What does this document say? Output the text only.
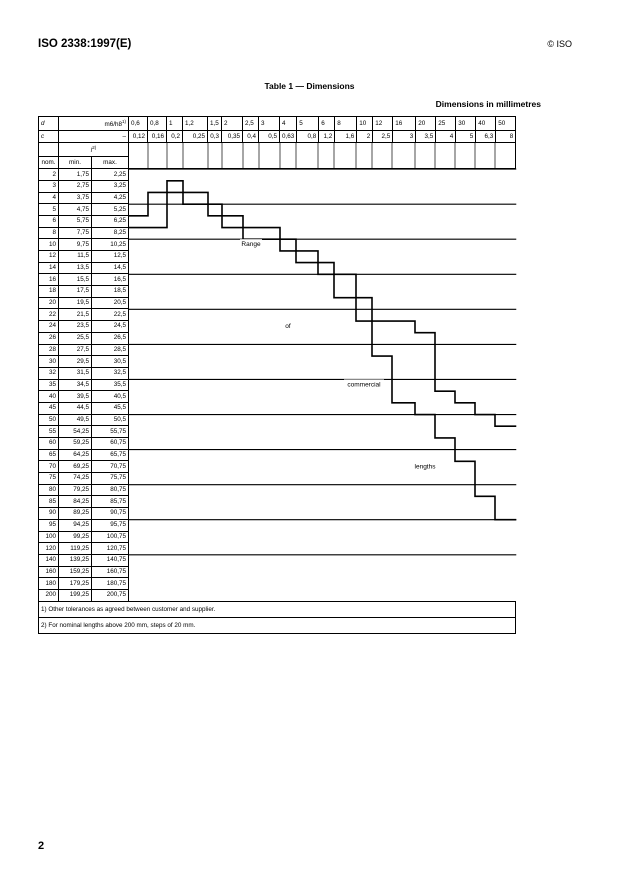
ISO 2338:1997(E)	© ISO
Table 1 — Dimensions
Dimensions in millimetres
d	m6/h8$^{1)}$		0,6	0,8	1	1,2	1,5	2	2,5	3	4	5	6	8	10	12	16	20	25	30	40	50
c	–		0,12	0,16	0,2	0,25	0,3	0,35	0,4	0,5	0,63	0,8	1,2	1,6	2	2,5	3	3,5	4	5	6,3	8
	$l^{2)}$		Range
of
commercial
lengths																			

nom.	min.	max.																				
2	1,75	2,25																				
3	2,75	3,25																				
4	3,75	4,25																				
5	4,75	5,25																				
6	5,75	6,25																				
8	7,75	8,25																				
10	9,75	10,25																				
12	11,5	12,5																				
14	13,5	14,5																				
16	15,5	16,5																				
18	17,5	18,5																				
20	19,5	20,5																				
22	21,5	22,5																				
24	23,5	24,5																				
26	25,5	26,5																				
28	27,5	28,5																				
30	29,5	30,5																				
32	31,5	32,5																				
35	34,5	35,5																				
40	39,5	40,5																				
45	44,5	45,5																				
50	49,5	50,5																				
55	54,25	55,75																				
60	59,25	60,75																				
65	64,25	65,75																				
70	69,25	70,75																				
75	74,25	75,75																				
80	79,25	80,75																				
85	84,25	85,75																				
90	89,25	90,75																				
95	94,25	95,75																				
100	99,25	100,75																				
120	119,25	120,75																				
140	139,25	140,75																				
160	159,25	160,75																				
180	179,25	180,75																				
200	199,25	200,75																				
1) Other tolerances as agreed between customer and supplier.																						
2) For nominal lengths above 200 mm, steps of 20 mm.																						
2
